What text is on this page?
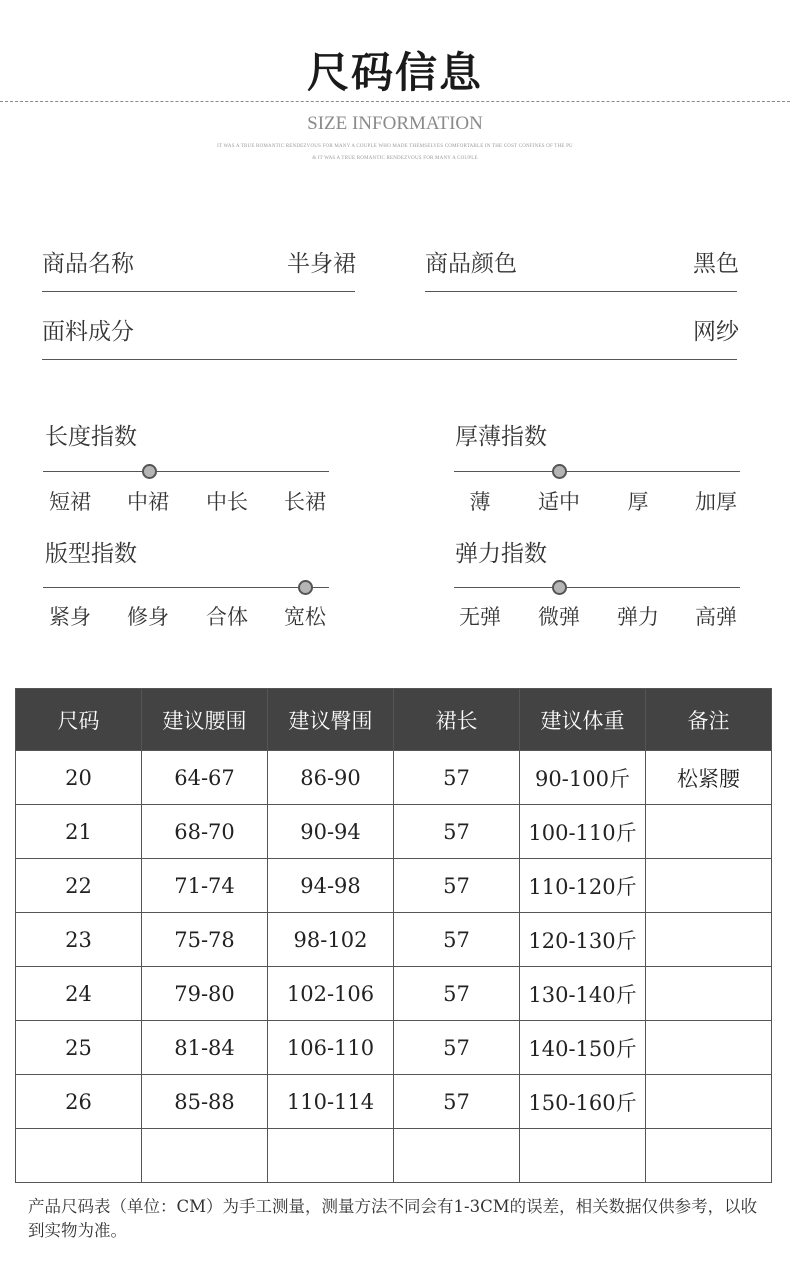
尺码信息
SIZE INFORMATION
IT WAS A TRUE ROMANTIC RENDEZVOUS FOR MANY A COUPLE WHO MADE THEMSELVES COMFORTABLE IN THE COST CONFINES OF THE PU
& IT WAS A TRUE ROMANTIC RENDEZVOUS FOR MANY A COUPLE
商品名称	半身裙	商品颜色	黑色
面料成分	网纱
长度指数
短裙	中裙	中长	长裙
厚薄指数
薄	适中	厚	加厚
版型指数
紧身	修身	合体	宽松
弹力指数
无弹	微弹	弹力	高弹
尺码	建议腰围	建议臀围	裙长	建议体重	备注
20	64-67	86-90	57	90-100斤	松紧腰
21	68-70	90-94	57	100-110斤	
22	71-74	94-98	57	110-120斤	
23	75-78	98-102	57	120-130斤	
24	79-80	102-106	57	130-140斤	
25	81-84	106-110	57	140-150斤	
26	85-88	110-114	57	150-160斤	

产品尺码表（单位：CM）为手工测量，测量方法不同会有1-3CM的误差，相关数据仅供参考，以收到实物为准。
